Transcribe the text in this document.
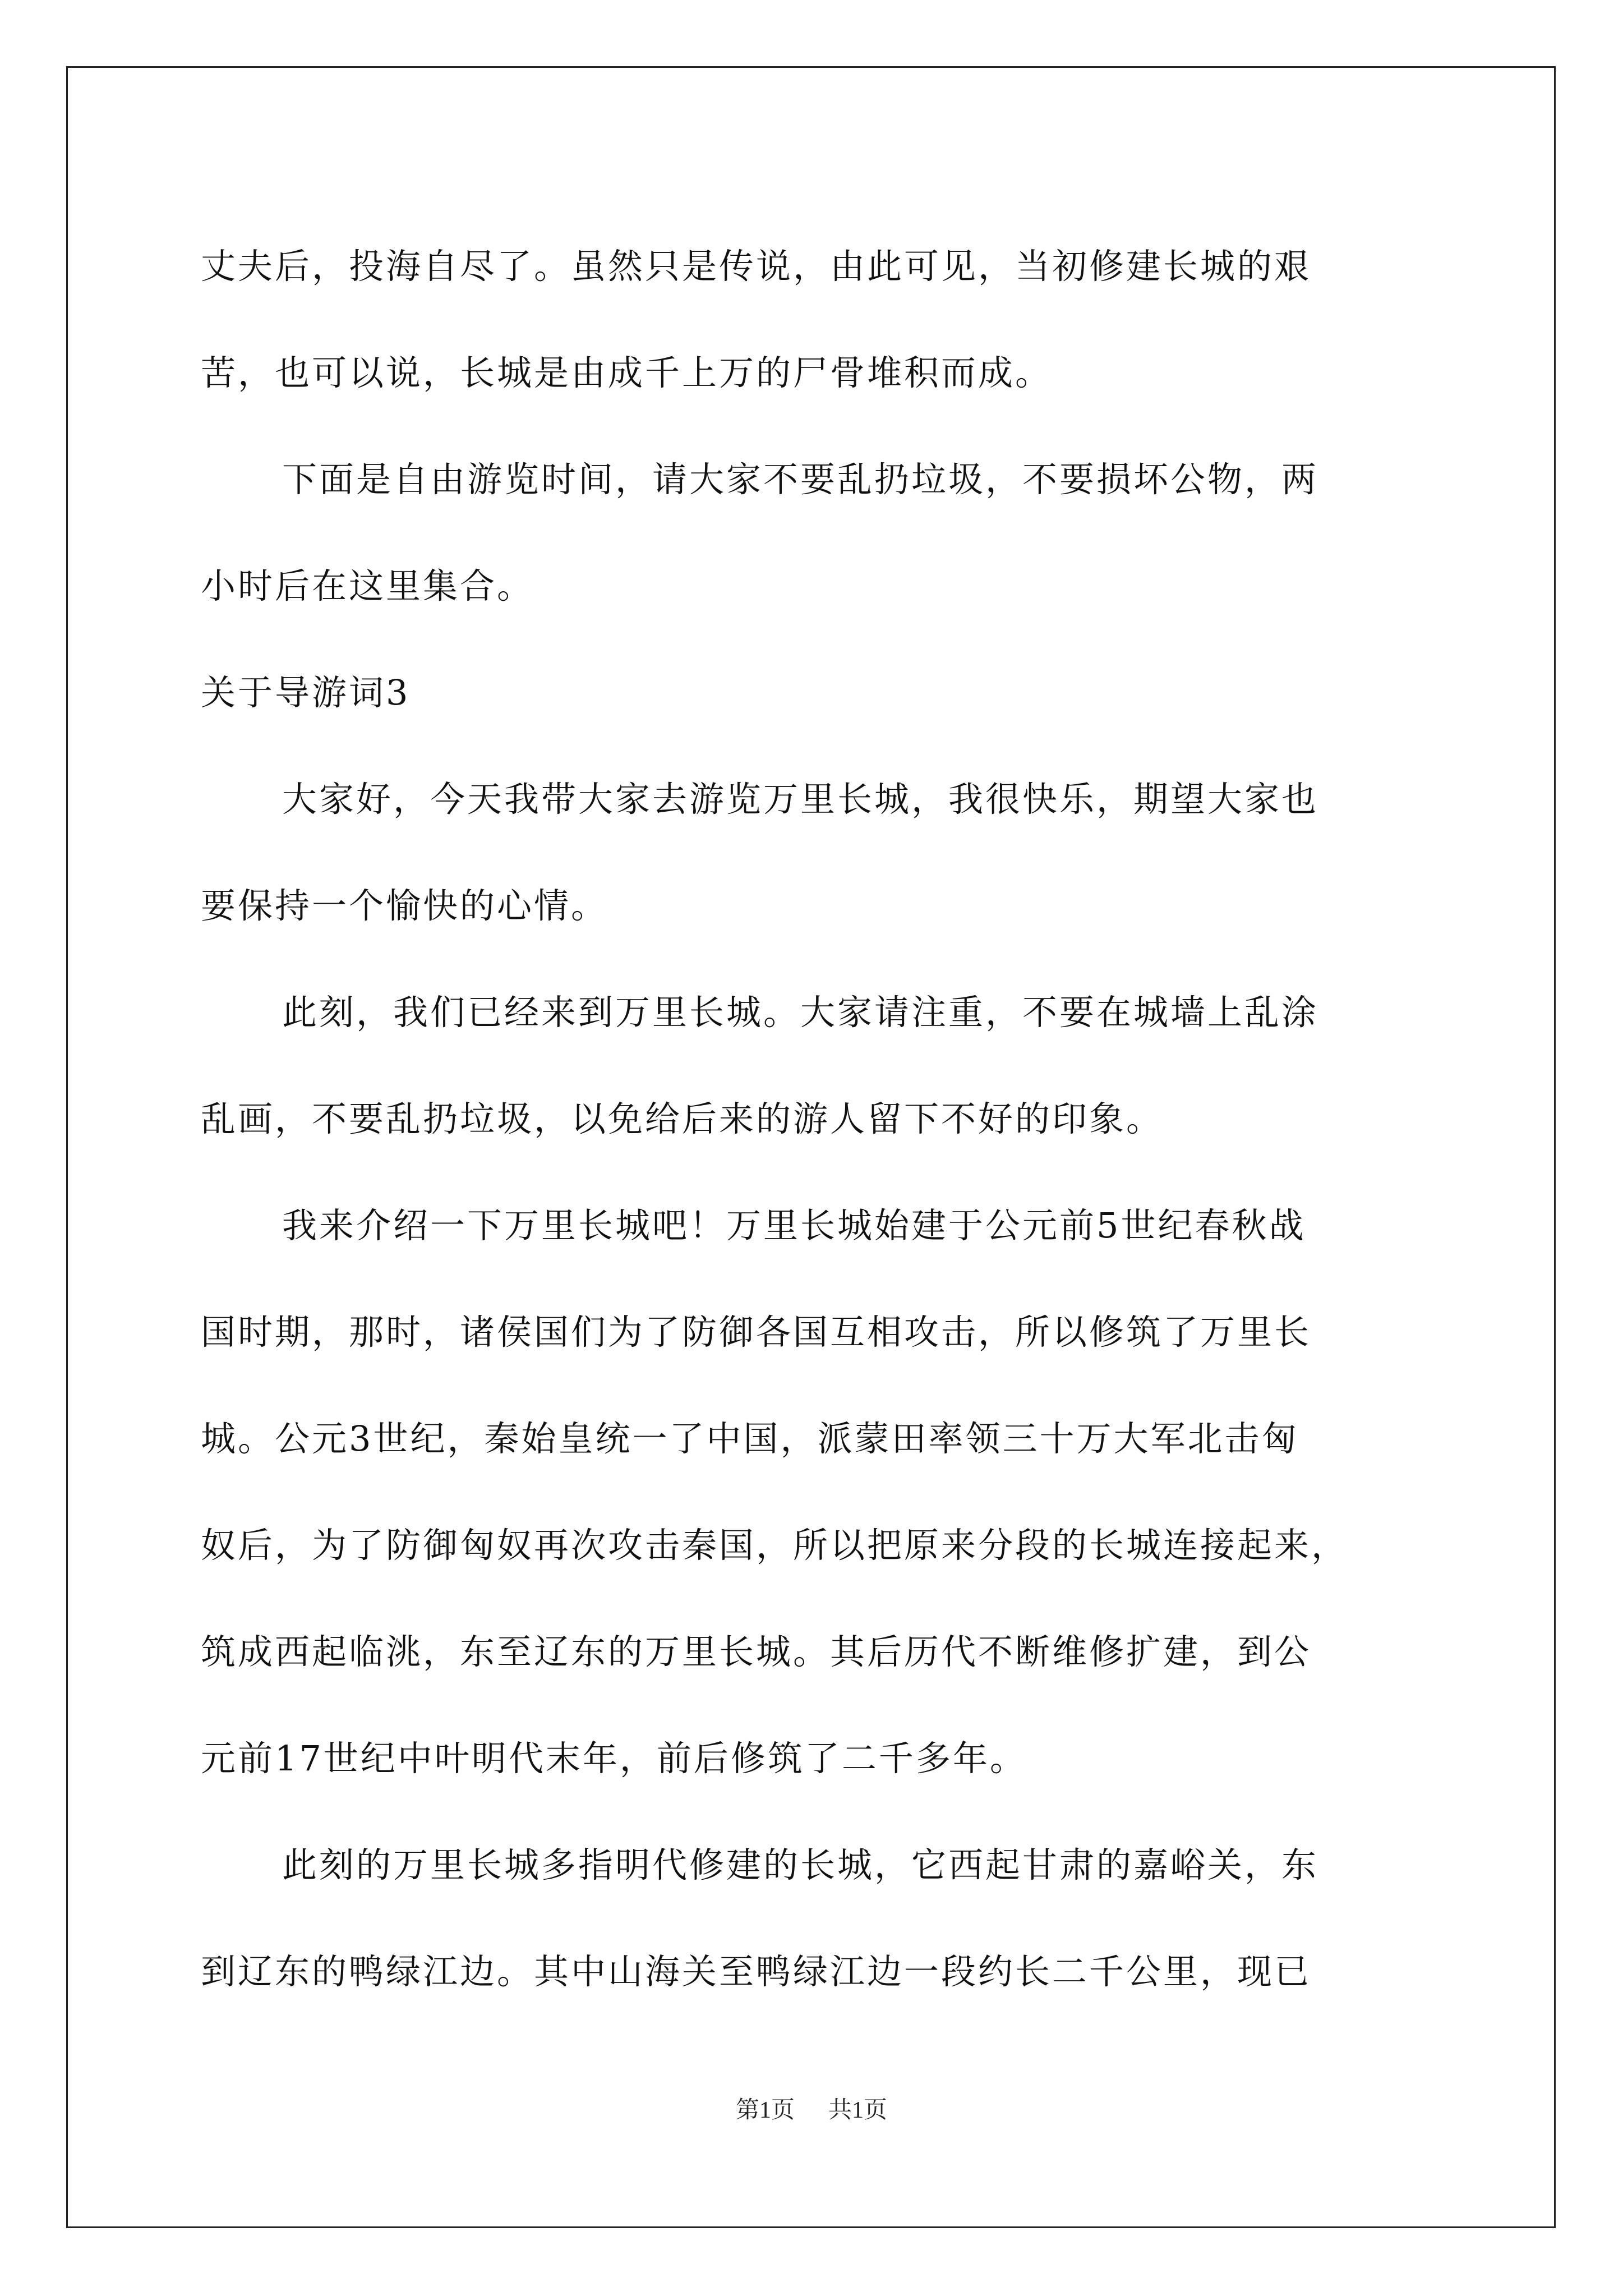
丈夫后，投海自尽了。虽然只是传说，由此可见，当初修建长城的艰

苦，也可以说，长城是由成千上万的尸骨堆积而成。

下面是自由游览时间，请大家不要乱扔垃圾，不要损坏公物，两

小时后在这里集合。

关于导游词3

大家好，今天我带大家去游览万里长城，我很快乐，期望大家也

要保持一个愉快的心情。

此刻，我们已经来到万里长城。大家请注重，不要在城墙上乱涂

乱画，不要乱扔垃圾，以免给后来的游人留下不好的印象。

我来介绍一下万里长城吧！万里长城始建于公元前5世纪春秋战

国时期，那时，诸侯国们为了防御各国互相攻击，所以修筑了万里长

城。公元3世纪，秦始皇统一了中国，派蒙田率领三十万大军北击匈

奴后，为了防御匈奴再次攻击秦国，所以把原来分段的长城连接起来，

筑成西起临洮，东至辽东的万里长城。其后历代不断维修扩建，到公

元前17世纪中叶明代末年，前后修筑了二千多年。

此刻的万里长城多指明代修建的长城，它西起甘肃的嘉峪关，东

到辽东的鸭绿江边。其中山海关至鸭绿江边一段约长二千公里，现已

第1页 共1页
